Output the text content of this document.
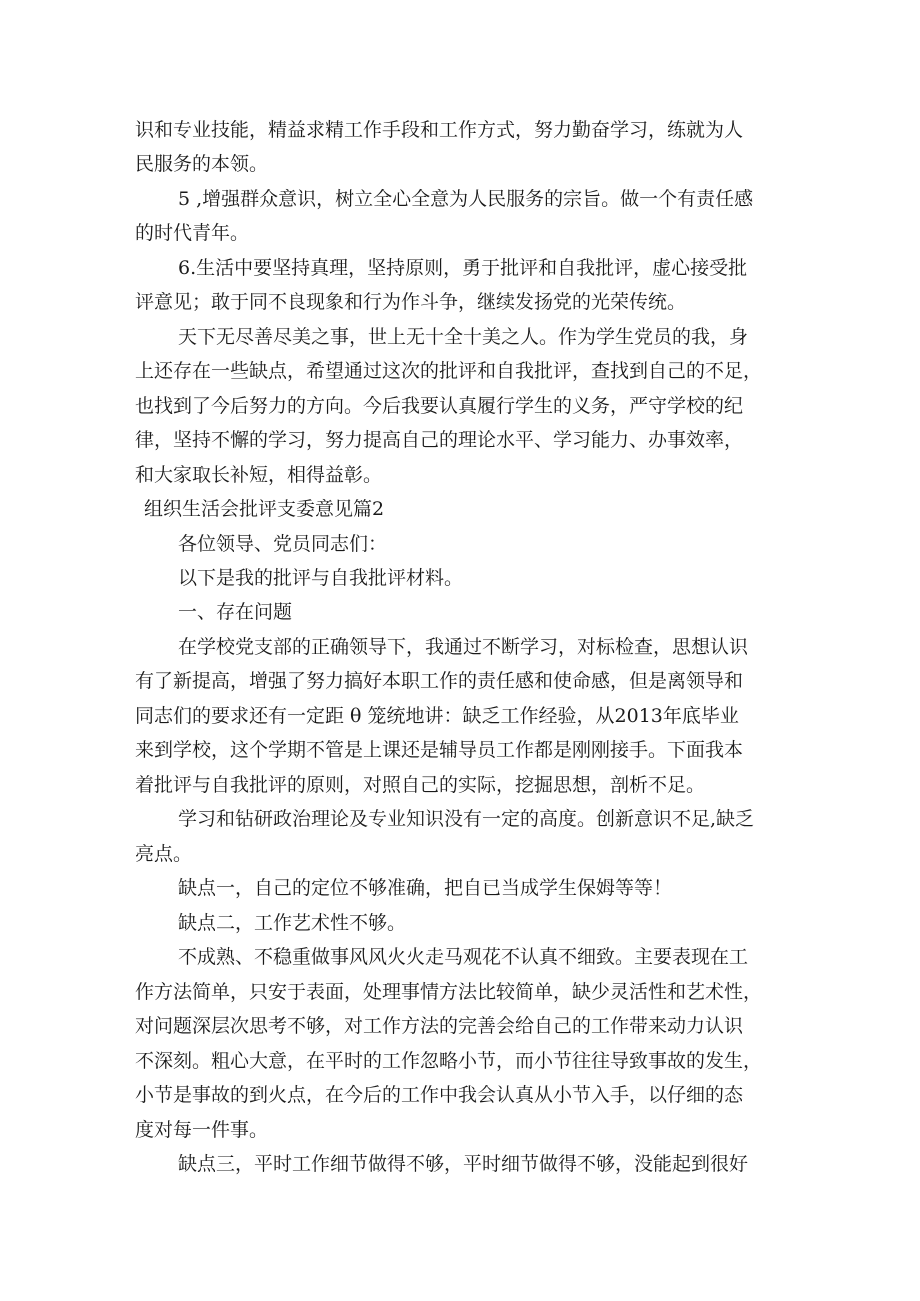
识和专业技能，精益求精工作手段和工作方式，努力勤奋学习，练就为人

民服务的本领。

5 ,增强群众意识，树立全心全意为人民服务的宗旨。做一个有责任感

的时代青年。

6.生活中要坚持真理，坚持原则，勇于批评和自我批评，虚心接受批

评意见；敢于同不良现象和行为作斗争，继续发扬党的光荣传统。

天下无尽善尽美之事，世上无十全十美之人。作为学生党员的我，身

上还存在一些缺点，希望通过这次的批评和自我批评，查找到自己的不足，

也找到了今后努力的方向。今后我要认真履行学生的义务，严守学校的纪

律，坚持不懈的学习，努力提高自己的理论水平、学习能力、办事效率，

和大家取长补短，相得益彰。

组织生活会批评支委意见篇2

各位领导、党员同志们：

以下是我的批评与自我批评材料。

一、存在问题

在学校党支部的正确领导下，我通过不断学习，对标检查，思想认识

有了新提高，增强了努力搞好本职工作的责任感和使命感，但是离领导和

同志们的要求还有一定距 θ 笼统地讲：缺乏工作经验，从2013年底毕业

来到学校，这个学期不管是上课还是辅导员工作都是刚刚接手。下面我本

着批评与自我批评的原则，对照自己的实际，挖掘思想，剖析不足。

学习和钻研政治理论及专业知识没有一定的高度。创新意识不足,缺乏

亮点。

缺点一，自己的定位不够准确，把自已当成学生保姆等等！

缺点二，工作艺术性不够。

不成熟、不稳重做事风风火火走马观花不认真不细致。主要表现在工

作方法简单，只安于表面，处理事情方法比较简单，缺少灵活性和艺术性，

对问题深层次思考不够，对工作方法的完善会给自己的工作带来动力认识

不深刻。粗心大意，在平时的工作忽略小节，而小节往往导致事故的发生，

小节是事故的到火点，在今后的工作中我会认真从小节入手，以仔细的态

度对每一件事。

缺点三，平时工作细节做得不够，平时细节做得不够，没能起到很好
